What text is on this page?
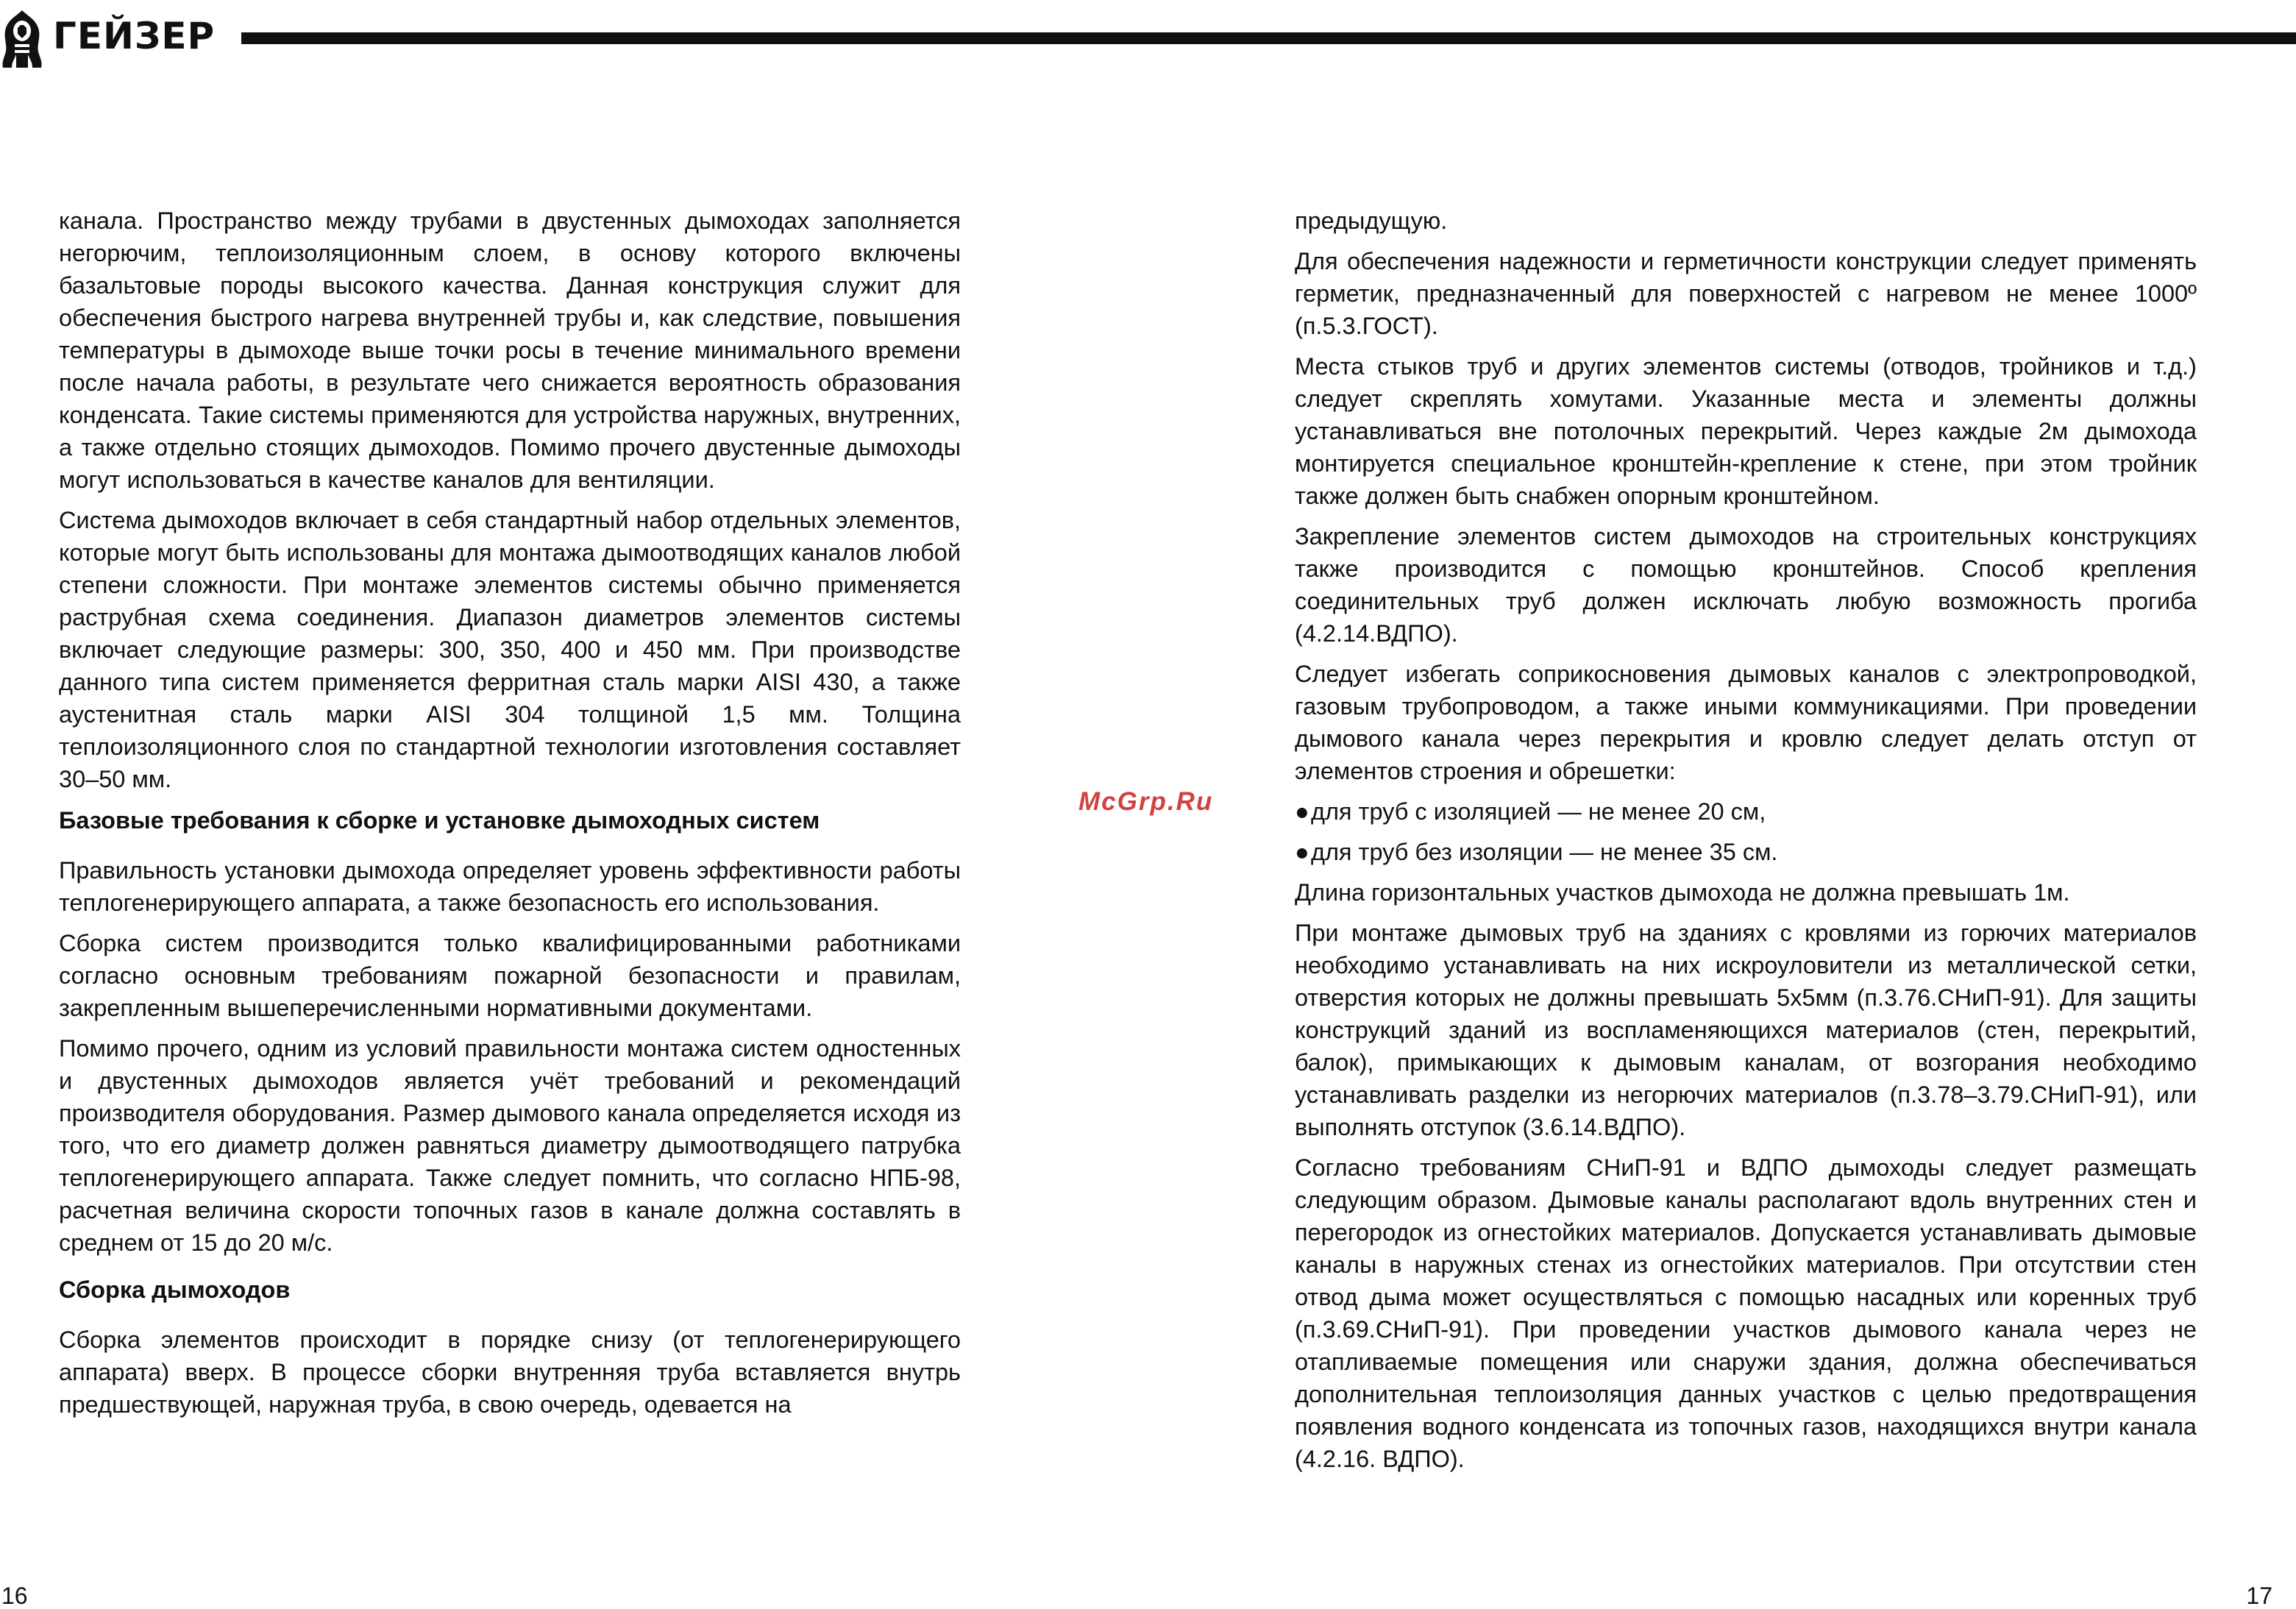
ГЕЙЗЕР

канала. Пространство между трубами в двустенных дымоходах заполняется негорючим, теплоизоляционным слоем, в основу которого включены базальтовые породы высокого качества. Данная конструкция служит для обеспечения быстрого нагрева внутренней трубы и, как следствие, повышения температуры в дымоходе выше точки росы в течение минимального времени после начала работы, в результате чего снижается вероятность образования конденсата. Такие системы применяются для устройства наружных, внутренних, а также отдельно стоящих дымоходов. Помимо прочего двустенные дымоходы могут использоваться в качестве каналов для вентиляции.

Система дымоходов включает в себя стандартный набор отдельных элементов, которые могут быть использованы для монтажа дымоотводящих каналов любой степени сложности. При монтаже элементов системы обычно применяется раструбная схема соединения. Диапазон диаметров элементов системы включает следующие размеры: 300, 350, 400 и 450 мм. При производстве данного типа систем применяется ферритная сталь марки AISI 430, а также аустенитная сталь марки AISI 304 толщиной 1,5 мм. Толщина теплоизоляционного слоя по стандартной технологии изготовления составляет 30–50 мм.

Базовые требования к сборке и установке дымоходных систем

Правильность установки дымохода определяет уровень эффективности работы теплогенерирующего аппарата, а также безопасность его использования.

Сборка систем производится только квалифицированными работниками согласно основным требованиям пожарной безопасности и правилам, закрепленным вышеперечисленными нормативными документами.

Помимо прочего, одним из условий правильности монтажа систем одностенных и двустенных дымоходов является учёт требований и рекомендаций производителя оборудования. Размер дымового канала определяется исходя из того, что его диаметр должен равняться диаметру дымоотводящего патрубка теплогенерирующего аппарата. Также следует помнить, что согласно НПБ-98, расчетная величина скорости топочных газов в канале должна составлять в среднем от 15 до 20 м/с.

Сборка дымоходов

Сборка элементов происходит в порядке снизу (от теплогенерирующего аппарата) вверх. В процессе сборки внутренняя труба вставляется внутрь предшествующей, наружная труба, в свою очередь, одевается на

McGrp.Ru

предыдущую.

Для обеспечения надежности и герметичности конструкции следует применять герметик, предназначенный для поверхностей с нагревом не менее 1000º (п.5.3.ГОСТ).

Места стыков труб и других элементов системы (отводов, тройников и т.д.) следует скреплять хомутами. Указанные места и элементы должны устанавливаться вне потолочных перекрытий. Через каждые 2м дымохода монтируется специальное кронштейн-крепление к стене, при этом тройник также должен быть снабжен опорным кронштейном.

Закрепление элементов систем дымоходов на строительных конструкциях также производится с помощью кронштейнов. Способ крепления соединительных труб должен исключать любую возможность прогиба (4.2.14.ВДПО).

Следует избегать соприкосновения дымовых каналов с электропроводкой, газовым трубопроводом, а также иными коммуникациями. При проведении дымового канала через перекрытия и кровлю следует делать отступ от элементов строения и обрешетки:

● для труб с изоляцией — не менее 20 см,
● для труб без изоляции — не менее 35 см.

Длина горизонтальных участков дымохода не должна превышать 1м.

При монтаже дымовых труб на зданиях с кровлями из горючих материалов необходимо устанавливать на них искроуловители из металлической сетки, отверстия которых не должны превышать 5х5мм (п.3.76.СНиП-91). Для защиты конструкций зданий из воспламеняющихся материалов (стен, перекрытий, балок), примыкающих к дымовым каналам, от возгорания необходимо устанавливать разделки из негорючих материалов (п.3.78–3.79.СНиП-91), или выполнять отступок (3.6.14.ВДПО).

Согласно требованиям СНиП-91 и ВДПО дымоходы следует размещать следующим образом. Дымовые каналы располагают вдоль внутренних стен и перегородок из огнестойких материалов. Допускается устанавливать дымовые каналы в наружных стенах из огнестойких материалов. При отсутствии стен отвод дыма может осуществляться с помощью насадных или коренных труб (п.3.69.СНиП-91). При проведении участков дымового канала через не отапливаемые помещения или снаружи здания, должна обеспечиваться дополнительная теплоизоляция данных участков с целью предотвращения появления водного конденсата из топочных газов, находящихся внутри канала (4.2.16. ВДПО).

16	17
